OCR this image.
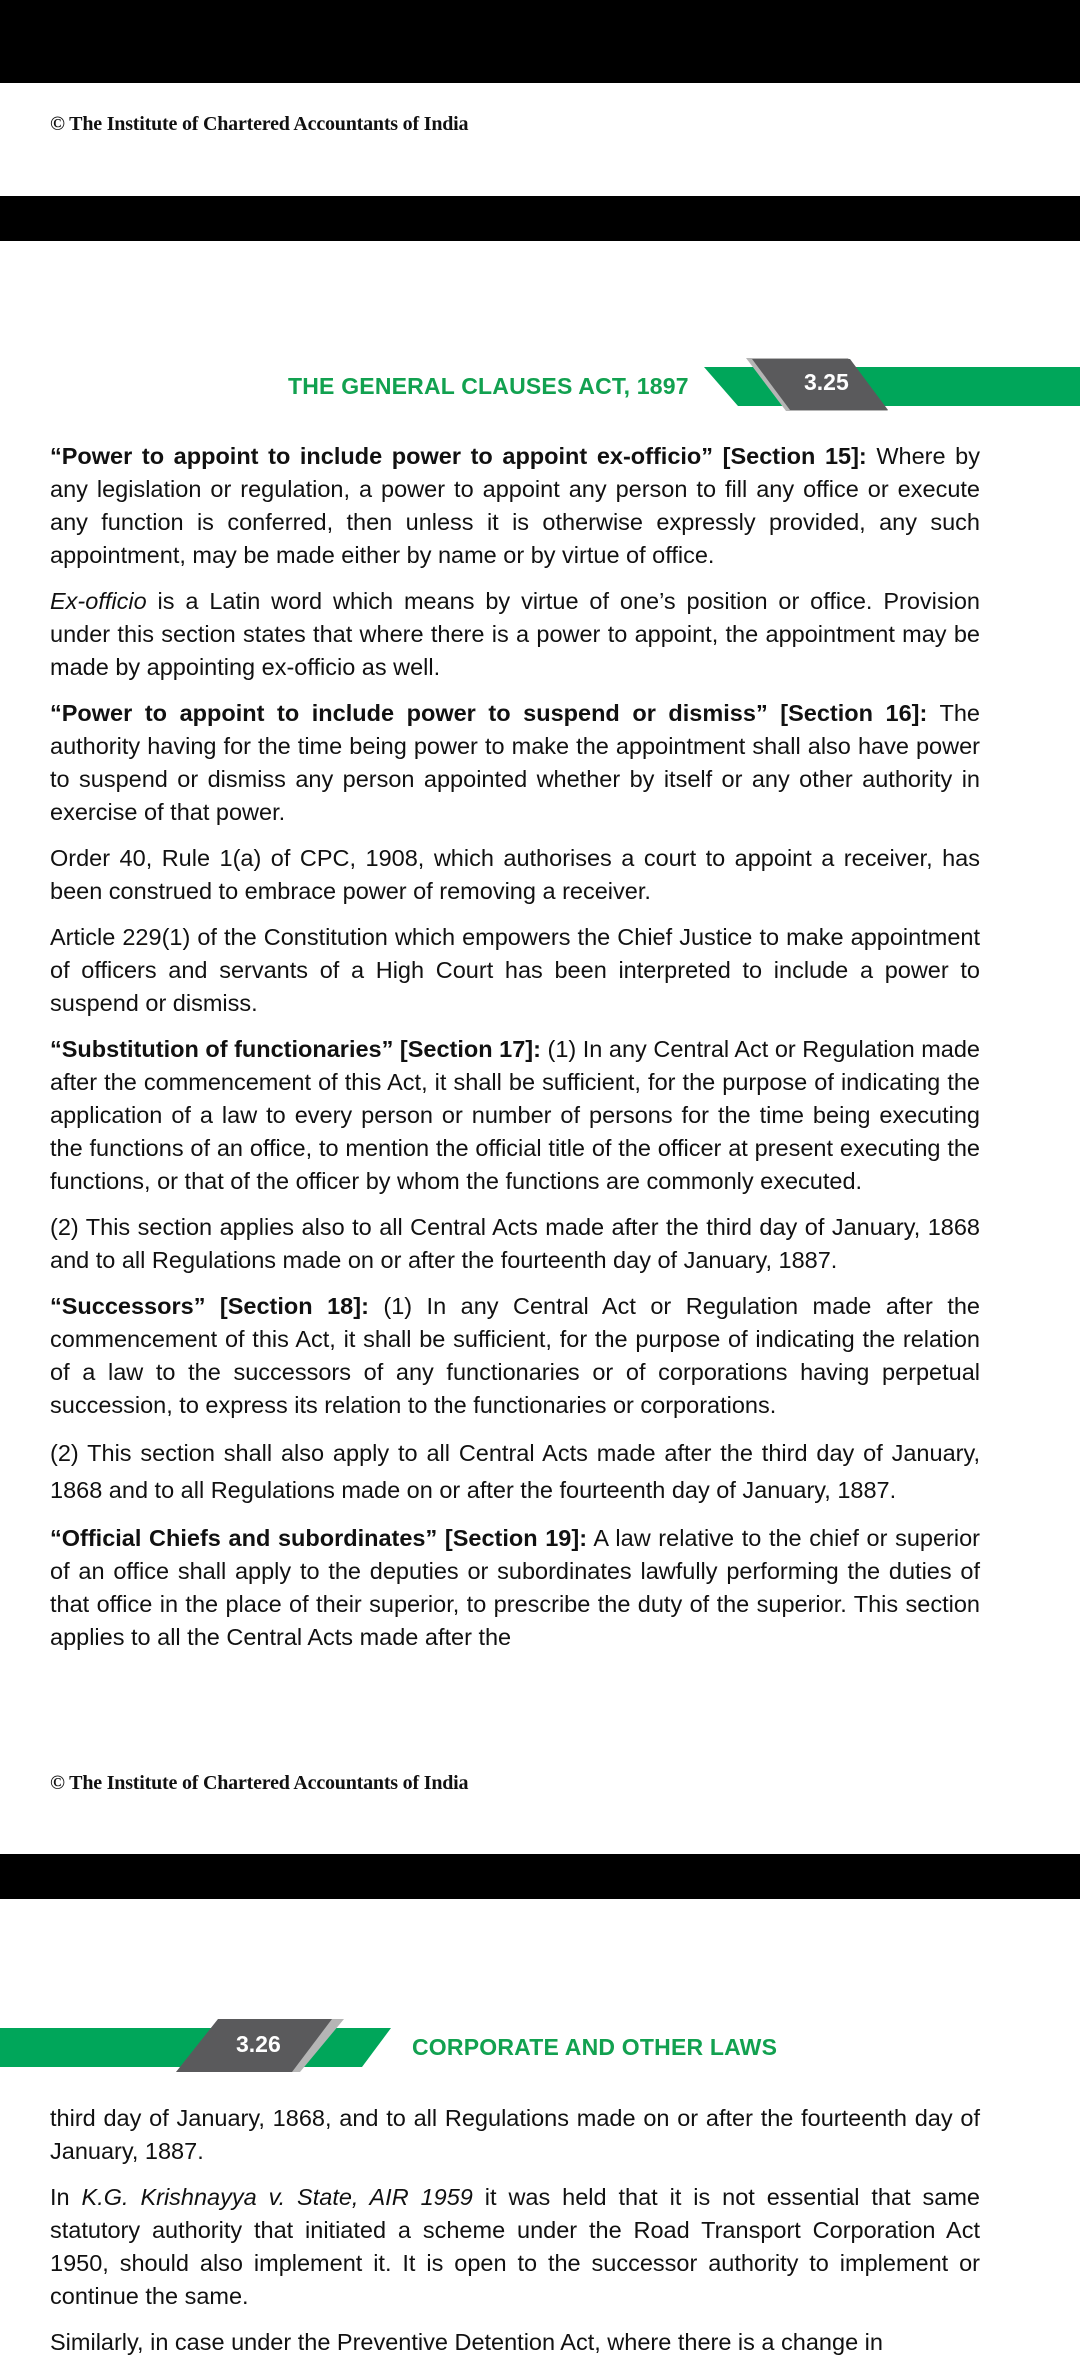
© The Institute of Chartered Accountants of India
THE GENERAL CLAUSES ACT, 1897	3.25

“Power to appoint to include power to appoint ex-officio” [Section 15]: Where by any legislation or regulation, a power to appoint any person to fill any office or execute any function is conferred, then unless it is otherwise expressly provided, any such appointment, may be made either by name or by virtue of office.

Ex-officio is a Latin word which means by virtue of one’s position or office. Provision under this section states that where there is a power to appoint, the appointment may be made by appointing ex-officio as well.

“Power to appoint to include power to suspend or dismiss” [Section 16]: The authority having for the time being power to make the appointment shall also have power to suspend or dismiss any person appointed whether by itself or any other authority in exercise of that power.

Order 40, Rule 1(a) of CPC, 1908, which authorises a court to appoint a receiver, has been construed to embrace power of removing a receiver.

Article 229(1) of the Constitution which empowers the Chief Justice to make appointment of officers and servants of a High Court has been interpreted to include a power to suspend or dismiss.

“Substitution of functionaries” [Section 17]: (1) In any Central Act or Regulation made after the commencement of this Act, it shall be sufficient, for the purpose of indicating the application of a law to every person or number of persons for the time being executing the functions of an office, to mention the official title of the officer at present executing the functions, or that of the officer by whom the functions are commonly executed.

(2) This section applies also to all Central Acts made after the third day of January, 1868 and to all Regulations made on or after the fourteenth day of January, 1887.

“Successors” [Section 18]: (1) In any Central Act or Regulation made after the commencement of this Act, it shall be sufficient, for the purpose of indicating the relation of a law to the successors of any functionaries or of corporations having perpetual succession, to express its relation to the functionaries or corporations.

(2) This section shall also apply to all Central Acts made after the third day of January, 1868 and to all Regulations made on or after the fourteenth day of January, 1887.

“Official Chiefs and subordinates” [Section 19]: A law relative to the chief or superior of an office shall apply to the deputies or subordinates lawfully performing the duties of that office in the place of their superior, to prescribe the duty of the superior. This section applies to all the Central Acts made after the

© The Institute of Chartered Accountants of India
3.26	CORPORATE AND OTHER LAWS

third day of January, 1868, and to all Regulations made on or after the fourteenth day of January, 1887.

In K.G. Krishnayya v. State, AIR 1959 it was held that it is not essential that same statutory authority that initiated a scheme under the Road Transport Corporation Act 1950, should also implement it. It is open to the successor authority to implement or continue the same.

Similarly, in case under the Preventive Detention Act, where there is a change in
